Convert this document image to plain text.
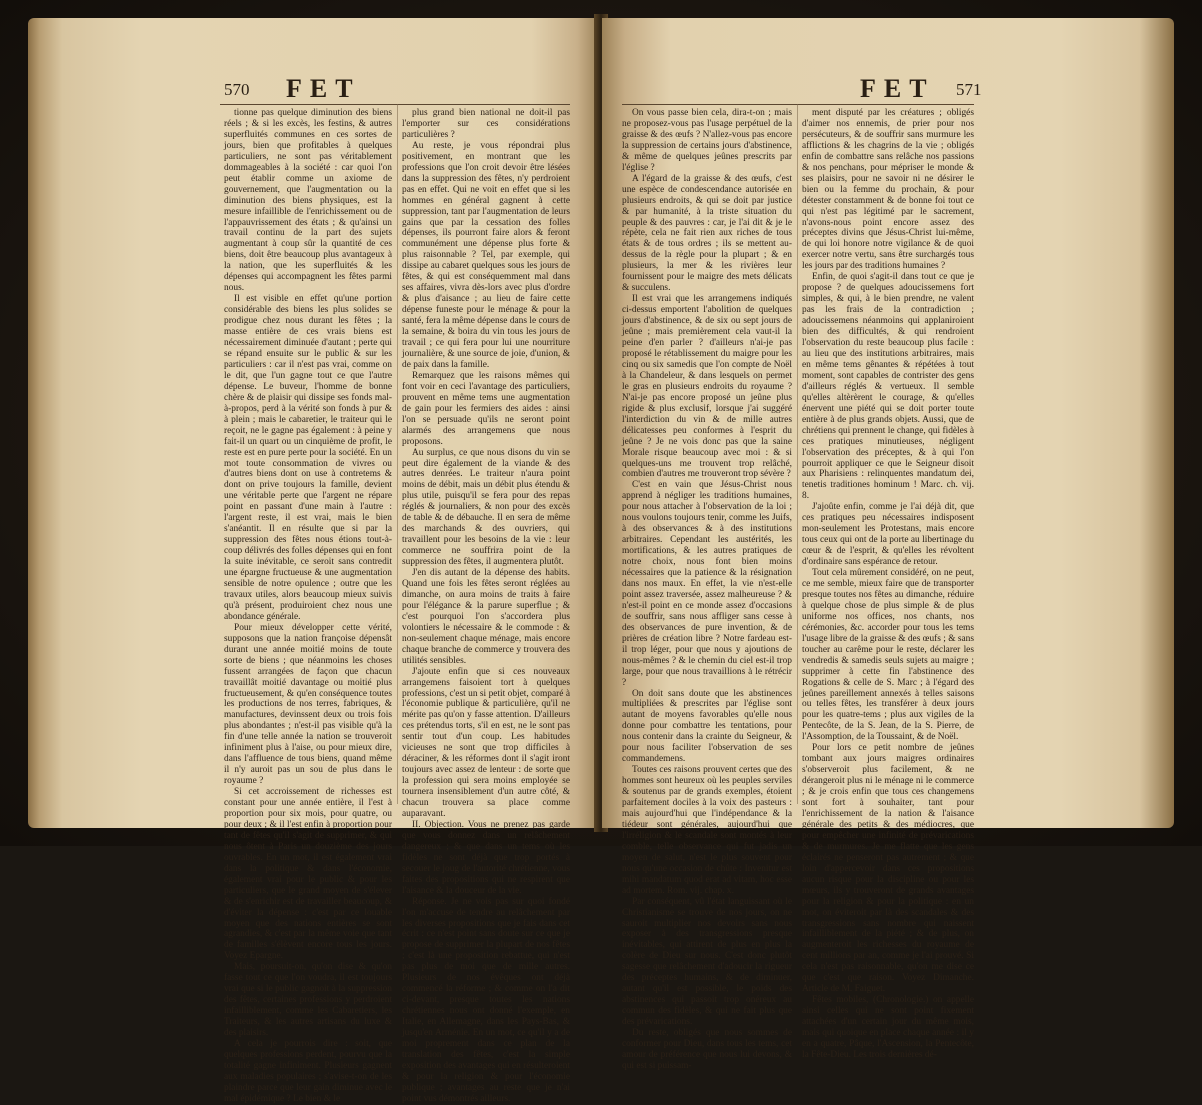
570 FET

tionne pas quelque diminution des biens réels ; & si les excès, les festins, & autres superfluités communes en ces sortes de jours, bien que profitables à quelques particuliers, ne sont pas véritablement dommageables à la société : car quoi l'on peut établir comme un axiome de gouvernement, que l'augmentation ou la diminution des biens physiques, est la mesure infaillible de l'enrichissement ou de l'appauvrissement des états ; & qu'ainsi un travail continu de la part des sujets augmentant à coup sûr la quantité de ces biens, doit être beaucoup plus avantageux à la nation, que les superfluités & les dépenses qui accompagnent les fêtes parmi nous.

Il est visible en effet qu'une portion considérable des biens les plus solides se prodigue chez nous durant les fêtes ; la masse entière de ces vrais biens est nécessairement diminuée d'autant ; perte qui se répand ensuite sur le public & sur les particuliers : car il n'est pas vrai, comme on le dit, que l'un gagne tout ce que l'autre dépense. Le buveur, l'homme de bonne chère & de plaisir qui dissipe ses fonds mal-à-propos, perd à la vérité son fonds à pur & à plein ; mais le cabaretier, le traiteur qui le reçoit, ne le gagne pas également : à peine y fait-il un quart ou un cinquième de profit, le reste est en pure perte pour la société. En un mot toute consommation de vivres ou d'autres biens dont on use à contretems & dont on prive toujours la famille, devient une véritable perte que l'argent ne répare point en passant d'une main à l'autre : l'argent reste, il est vrai, mais le bien s'anéantit. Il en résulte que si par la suppression des fêtes nous étions tout-à-coup délivrés des folles dépenses qui en font la suite inévitable, ce seroit sans contredit une épargne fructueuse & une augmentation sensible de notre opulence ; outre que les travaux utiles, alors beaucoup mieux suivis qu'à présent, produiroient chez nous une abondance générale.

Pour mieux développer cette vérité, supposons que la nation françoise dépensât durant une année moitié moins de toute sorte de biens ; que néanmoins les choses fussent arrangées de façon que chacun travaillât moitié davantage ou moitié plus fructueusement, & qu'en conséquence toutes les productions de nos terres, fabriques, & manufactures, devinssent deux ou trois fois plus abondantes ; n'est-il pas visible qu'à la fin d'une telle année la nation se trouveroit infiniment plus à l'aise, ou pour mieux dire, dans l'affluence de tous biens, quand même il n'y auroit pas un sou de plus dans le royaume ?

Si cet accroissement de richesses est constant pour une année entière, il l'est à proportion pour six mois, pour quatre, ou pour deux ; & il l'est enfin à proportion pour tant de fêtes qu'il s'agit de supprimer, & qui nous ôtent à Paris un douzième des jours ouvrables. En un mot, il est également vrai dans la politique & dans l'économie, également vrai pour le public & pour les particuliers, que le grand moyen de s'élever & de s'enrichir est de travailler beaucoup, & d'éviter la dépense : c'est par ce louable moyen que des nations entières se sont agrandies, & c'est par la même voie que tant de familles s'élèvent encore tous les jours. Voyez Epargne.

Mais, poursuit-on, qu'on dise & qu'on fasse tout ce que l'on voudra, il est toujours vrai que si le public gagnoit à la suppression des fêtes, certaines professions y perdroient infailliblement, comme les Cabaretiers, les Traiteurs, & les autres artisans du luxe & des plaisirs.

A cela je pourrois dire : soit, que quelques professions perdent, pourvu que la totalité gagne infiniment. Plusieurs gagnent aux maladies populaires ; s'avise-t-on de les plaindre parce que leur gain diminue avec le mal épidémique ? Le bien & le

plus grand bien national ne doit-il pas l'emporter sur ces considérations particulières ?

Au reste, je vous répondrai plus positivement, en montrant que les professions que l'on croit devoir être lésées dans la suppression des fêtes, n'y perdroient pas en effet. Qui ne voit en effet que si les hommes en général gagnent à cette suppression, tant par l'augmentation de leurs gains que par la cessation des folles dépenses, ils pourront faire alors & feront communément une dépense plus forte & plus raisonnable ? Tel, par exemple, qui dissipe au cabaret quelques sous les jours de fêtes, & qui est conséquemment mal dans ses affaires, vivra dès-lors avec plus d'ordre & plus d'aisance ; au lieu de faire cette dépense funeste pour le ménage & pour la santé, fera la même dépense dans le cours de la semaine, & boira du vin tous les jours de travail ; ce qui fera pour lui une nourriture journalière, & une source de joie, d'union, & de paix dans la famille.

Remarquez que les raisons mêmes qui font voir en ceci l'avantage des particuliers, prouvent en même tems une augmentation de gain pour les fermiers des aides : ainsi l'on se persuade qu'ils ne seront point alarmés des arrangemens que nous proposons.

Au surplus, ce que nous disons du vin se peut dire également de la viande & des autres denrées. Le traiteur n'aura point moins de débit, mais un débit plus étendu & plus utile, puisqu'il se fera pour des repas réglés & journaliers, & non pour des excès de table & de débauche. Il en sera de même des marchands & des ouvriers, qui travaillent pour les besoins de la vie : leur commerce ne souffrira point de la suppression des fêtes, il augmentera plutôt.

J'en dis autant de la dépense des habits. Quand une fois les fêtes seront réglées au dimanche, on aura moins de traits à faire pour l'élégance & la parure superflue ; & c'est pourquoi l'on s'accordera plus volontiers le nécessaire & le commode : & non-seulement chaque ménage, mais encore chaque branche de commerce y trouvera des utilités sensibles.

J'ajoute enfin que si ces nouveaux arrangemens faisoient tort à quelques professions, c'est un si petit objet, comparé à l'économie publique & particulière, qu'il ne mérite pas qu'on y fasse attention. D'ailleurs ces prétendus torts, s'il en est, ne le sont pas sentir tout d'un coup. Les habitudes vicieuses ne sont que trop difficiles à déraciner, & les réformes dont il s'agit iront toujours avec assez de lenteur : de sorte que la profession qui sera moins employée se tournera insensiblement d'un autre côté, & chacun trouvera sa place comme auparavant.

II. Objection. Vous ne prenez pas garde que vous donnez dans un relâchement dangereux ; & que dans un tems où les fidèles ne sont déjà que trop portés à secouer le joug de l'autorité chrétienne, vous faites des propositions qui ne respirent que l'aisance & la douceur de la vie.

Réponse. Je ne vois pas sur quoi fondé l'on m'accuse de tendre au relâchement par les diverses propositions que je fais dans cet écrit : ce n'est point sans doute sur ce que je propose de supprimer la plupart de nos fêtes ; c'est là une proposition rebattue, qui n'est pas plus de moi que de mille autres. Plusieurs de nos évêques ont déjà commencé la réforme ; & comme on l'a dit ci-devant, presque toutes les nations chrétiennes nous ont donné l'exemple, en Italie, en Allemagne, dans les Pays-Bas, & jusqu'en Arménie. En un mot, ce qu'il y a de moi proprement dans ce plan de la translation des fêtes, c'est la simple exposition des avantages qui en résulteroient & pour la religion & pour l'économie publique ; avantages au reste que je n'ai point vus démontrés ailleurs.

FET 571

On vous passe bien cela, dira-t-on ; mais ne proposez-vous pas l'usage perpétuel de la graisse & des œufs ? N'allez-vous pas encore la suppression de certains jours d'abstinence, & même de quelques jeûnes prescrits par l'église ?

A l'égard de la graisse & des œufs, c'est une espèce de condescendance autorisée en plusieurs endroits, & qui se doit par justice & par humanité, à la triste situation du peuple & des pauvres : car, je l'ai dit & je le répète, cela ne fait rien aux riches de tous états & de tous ordres ; ils se mettent au-dessus de la règle pour la plupart ; & en plusieurs, la mer & les rivières leur fournissent pour le maigre des mets délicats & succulens.

Il est vrai que les arrangemens indiqués ci-dessus emportent l'abolition de quelques jours d'abstinence, & de six ou sept jours de jeûne ; mais premièrement cela vaut-il la peine d'en parler ? d'ailleurs n'ai-je pas proposé le rétablissement du maigre pour les cinq ou six samedis que l'on compte de Noël à la Chandeleur, & dans lesquels on permet le gras en plusieurs endroits du royaume ? N'ai-je pas encore proposé un jeûne plus rigide & plus exclusif, lorsque j'ai suggéré l'interdiction du vin & de mille autres délicatesses peu conformes à l'esprit du jeûne ? Je ne vois donc pas que la saine Morale risque beaucoup avec moi : & si quelques-uns me trouvent trop relâché, combien d'autres me trouveront trop sévère ?

C'est en vain que Jésus-Christ nous apprend à négliger les traditions humaines, pour nous attacher à l'observation de la loi ; nous voulons toujours tenir, comme les Juifs, à des observances & à des institutions arbitraires. Cependant les austérités, les mortifications, & les autres pratiques de notre choix, nous font bien moins nécessaires que la patience & la résignation dans nos maux. En effet, la vie n'est-elle point assez traversée, assez malheureuse ? & n'est-il point en ce monde assez d'occasions de souffrir, sans nous affliger sans cesse à des observances de pure invention, & de prières de création libre ? Notre fardeau est-il trop léger, pour que nous y ajoutions de nous-mêmes ? & le chemin du ciel est-il trop large, pour que nous travaillions à le rétrécir ?

On doit sans doute que les abstinences multipliées & prescrites par l'église sont autant de moyens favorables qu'elle nous donne pour combattre les tentations, pour nous contenir dans la crainte du Seigneur, & pour nous faciliter l'observation de ses commandemens.

Toutes ces raisons prouvent certes que des hommes sont heureux où les peuples serviles & soutenus par de grands exemples, étoient parfaitement dociles à la voix des pasteurs : mais aujourd'hui que l'indépendance & la tiédeur sont générales, aujourd'hui que l'irréligion & le scandale sont montés à leur comble, telle observance qui fut jadis un moyen de salut, n'est le plus souvent pour nous qu'une occasion de chûte : Invenitur est mihi mandatum quod erat ad vitam, hoc esse ad mortem. Rom. vij. chap. x.

Par conséquent, vû l'état languissant où le Christianisme se trouve de nos jours, on ne sauroit multiplier nos devoirs sans nous exposer à des transgressions presque inévitables, qui attirent de plus en plus la colère de Dieu sur nous. C'est donc plutôt sagesse que relâchement d'adoucir la rigueur des préceptes humains, & de diminuer, autant qu'il est possible, le poids des abstinences qui passoit trop onéreux au commun des fidèles, & qui ne fait plus que des prévarications.

Du reste, obligés que nous sommes de conformer pour Dieu, dans tous les tems, cet amour de préférence que nous lui devons, & qui est si puissam-

ment disputé par les créatures ; obligés d'aimer nos ennemis, de prier pour nos persécuteurs, & de souffrir sans murmure les afflictions & les chagrins de la vie ; obligés enfin de combattre sans relâche nos passions & nos penchans, pour mépriser le monde & ses plaisirs, pour ne savoir ni ne désirer le bien ou la femme du prochain, & pour détester constamment & de bonne foi tout ce qui n'est pas légitimé par le sacrement, n'avons-nous point encore assez des préceptes divins que Jésus-Christ lui-même, de qui loi honore notre vigilance & de quoi exercer notre vertu, sans être surchargés tous les jours par des traditions humaines ?

Enfin, de quoi s'agit-il dans tout ce que je propose ? de quelques adoucissemens fort simples, & qui, à le bien prendre, ne valent pas les frais de la contradiction ; adoucissemens néanmoins qui applaniroient bien des difficultés, & qui rendroient l'observation du reste beaucoup plus facile : au lieu que des institutions arbitraires, mais en même tems gênantes & répétées à tout moment, sont capables de contrister des gens d'ailleurs réglés & vertueux. Il semble qu'elles altèrèrent le courage, & qu'elles énervent une piété qui se doit porter toute entière à de plus grands objets. Aussi, que de chrétiens qui prennent le change, qui fidèles à ces pratiques minutieuses, négligent l'observation des préceptes, & à qui l'on pourroit appliquer ce que le Seigneur disoit aux Pharisiens : relinquentes mandatum dei, tenetis traditiones hominum ! Marc. ch. vij. 8.

J'ajoûte enfin, comme je l'ai déjà dit, que ces pratiques peu nécessaires indisposent mon-seulement les Protestans, mais encore tous ceux qui ont de la porte au libertinage du cœur & de l'esprit, & qu'elles les révoltent d'ordinaire sans espérance de retour.

Tout cela mûrement considéré, on ne peut, ce me semble, mieux faire que de transporter presque toutes nos fêtes au dimanche, réduire à quelque chose de plus simple & de plus uniforme nos offices, nos chants, nos cérémonies, &c. accorder pour tous les tems l'usage libre de la graisse & des œufs ; & sans toucher au carême pour le reste, déclarer les vendredis & samedis seuls sujets au maigre ; supprimer à cette fin l'abstinence des Rogations & celle de S. Marc ; à l'égard des jeûnes pareillement annexés à telles saisons ou telles fêtes, les transférer à deux jours pour les quatre-tems ; plus aux vigiles de la Pentecôte, de la S. Jean, de la S. Pierre, de l'Assomption, de la Toussaint, & de Noël.

Pour lors ce petit nombre de jeûnes tombant aux jours maigres ordinaires s'observeroit plus facilement, & ne dérangeroit plus ni le ménage ni le commerce ; & je crois enfin que tous ces changemens sont fort à souhaiter, tant pour l'enrichissement de la nation & l'aisance générale des petits & des médiocres, que pour empêcher une infinité de prévarications & de murmures. Je me flatte que les gens éclairés ne penseront pas autrement ; & que loin d'appercevoir dans ces propositions aucun risque pour la discipline ou pour les mœurs, ils y trouveront de grands avantages pour la religion & pour la politique : en un mot, on éviteroit par là des scandales & des transgressions sans nombre qui naissent infailliblement de la piété ; & de plus, on augmenteroit les richesses du royaume de cent millions par an, comme je l'ai prouvé. Si cela n'est pas raisonnable, qu'on me dise ce que c'est que raison. Voyez Dimanche. Article de M. Faiguet.

Fêtes mobiles, (Chronologie.) on appelle ainsi celles qui ne sont point fixement attachées d'un certain jour du même mois, mais qui quoique en place chaque année : il y en a quatre, Pâque, l'Ascension, la Pentecôte, la Fête-Dieu. Les trois dernières dé-
